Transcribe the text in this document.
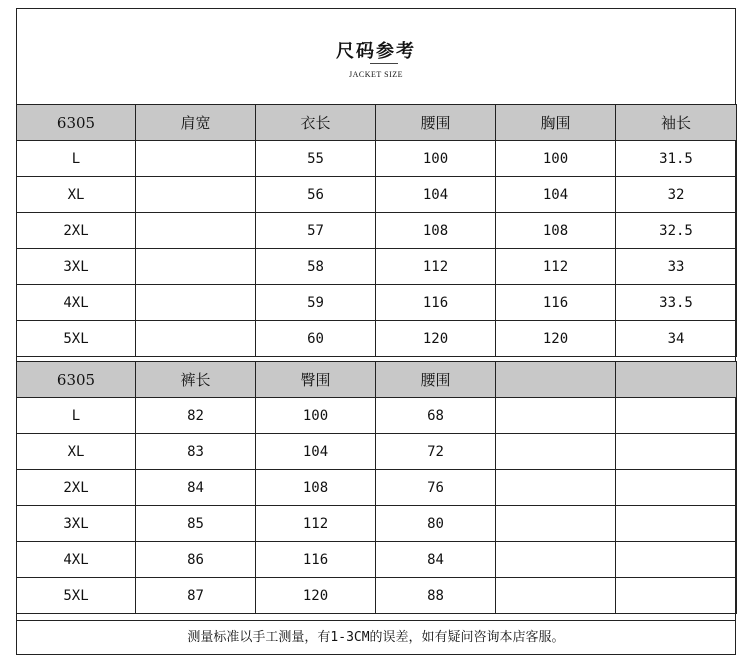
尺码参考
JACKET SIZE
6305	肩宽	衣长	腰围	胸围	袖长
L		55	100	100	31.5
XL		56	104	104	32
2XL		57	108	108	32.5
3XL		58	112	112	33
4XL		59	116	116	33.5
5XL		60	120	120	34
6305	裤长	臀围	腰围		
L	82	100	68		
XL	83	104	72		
2XL	84	108	76		
3XL	85	112	80		
4XL	86	116	84		
5XL	87	120	88		
测量标准以手工测量，有1-3CM的误差，如有疑问咨询本店客服。
